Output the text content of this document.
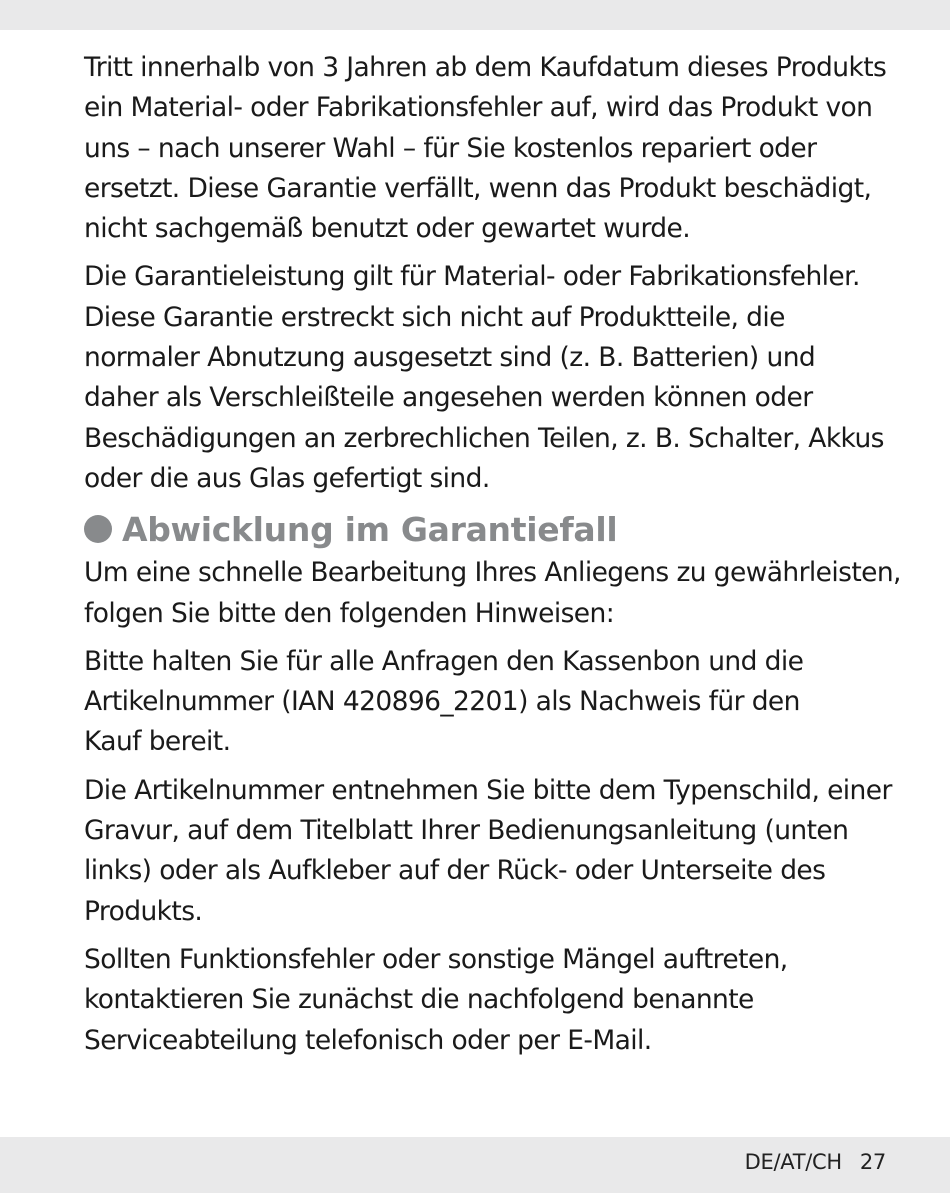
Tritt innerhalb von 3 Jahren ab dem Kaufdatum dieses Produkts
ein Material- oder Fabrikationsfehler auf, wird das Produkt von
uns – nach unserer Wahl – für Sie kostenlos repariert oder
ersetzt. Diese Garantie verfällt, wenn das Produkt beschädigt,
nicht sachgemäß benutzt oder gewartet wurde.

Die Garantieleistung gilt für Material- oder Fabrikationsfehler.
Diese Garantie erstreckt sich nicht auf Produktteile, die
normaler Abnutzung ausgesetzt sind (z. B. Batterien) und
daher als Verschleißteile angesehen werden können oder
Beschädigungen an zerbrechlichen Teilen, z. B. Schalter, Akkus
oder die aus Glas gefertigt sind.

Abwicklung im Garantiefall

Um eine schnelle Bearbeitung Ihres Anliegens zu gewährleisten,
folgen Sie bitte den folgenden Hinweisen:

Bitte halten Sie für alle Anfragen den Kassenbon und die
Artikelnummer (IAN 420896_2201) als Nachweis für den
Kauf bereit.

Die Artikelnummer entnehmen Sie bitte dem Typenschild, einer
Gravur, auf dem Titelblatt Ihrer Bedienungsanleitung (unten
links) oder als Aufkleber auf der Rück- oder Unterseite des
Produkts.

Sollten Funktionsfehler oder sonstige Mängel auftreten,
kontaktieren Sie zunächst die nachfolgend benannte
Serviceabteilung telefonisch oder per E-Mail.

DE/AT/CH 27
